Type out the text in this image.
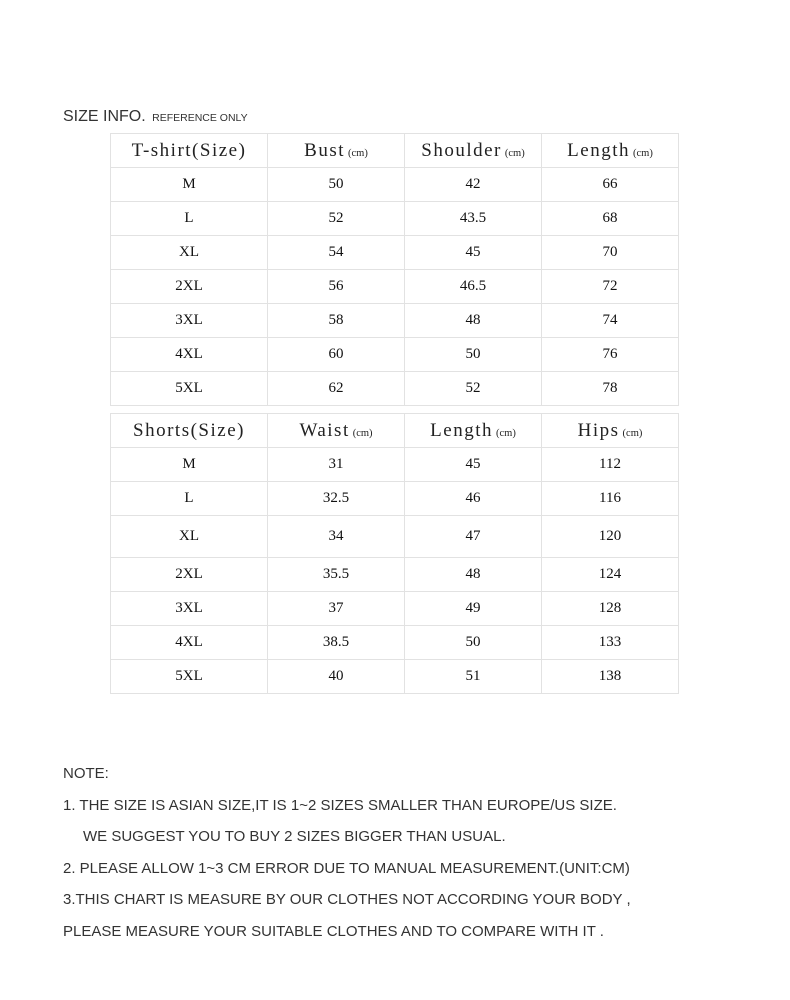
SIZE INFO. REFERENCE ONLY
T-shirt(Size)	Bust (cm)	Shoulder (cm)	Length (cm)
M	50	42	66
L	52	43.5	68
XL	54	45	70
2XL	56	46.5	72
3XL	58	48	74
4XL	60	50	76
5XL	62	52	78
Shorts(Size)	Waist (cm)	Length (cm)	Hips (cm)
M	31	45	112
L	32.5	46	116
XL	34	47	120
2XL	35.5	48	124
3XL	37	49	128
4XL	38.5	50	133
5XL	40	51	138
NOTE:
1. THE SIZE IS ASIAN SIZE,IT IS 1~2 SIZES SMALLER THAN EUROPE/US SIZE.
WE SUGGEST YOU TO BUY 2 SIZES BIGGER THAN USUAL.
2. PLEASE ALLOW 1~3 CM ERROR DUE TO MANUAL MEASUREMENT.(UNIT:CM)
3.THIS CHART IS MEASURE BY OUR CLOTHES NOT ACCORDING YOUR BODY ,
PLEASE MEASURE YOUR SUITABLE CLOTHES AND TO COMPARE WITH IT .
